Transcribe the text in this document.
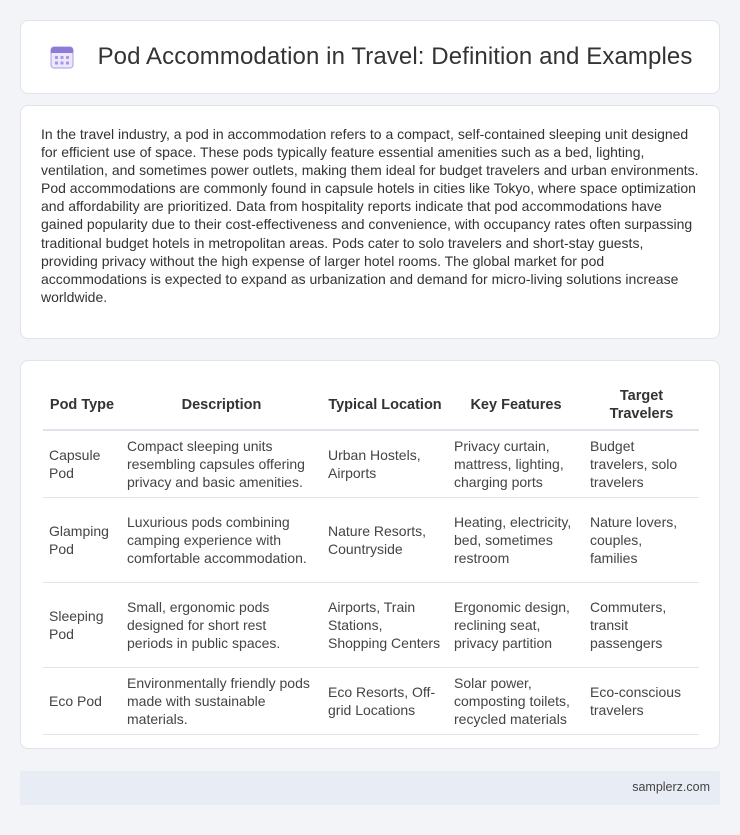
Pod Accommodation in Travel: Definition and Examples

In the travel industry, a pod in accommodation refers to a compact, self-contained sleeping unit designed for efficient use of space. These pods typically feature essential amenities such as a bed, lighting, ventilation, and sometimes power outlets, making them ideal for budget travelers and urban environments. Pod accommodations are commonly found in capsule hotels in cities like Tokyo, where space optimization and affordability are prioritized. Data from hospitality reports indicate that pod accommodations have gained popularity due to their cost-effectiveness and convenience, with occupancy rates often surpassing traditional budget hotels in metropolitan areas. Pods cater to solo travelers and short-stay guests, providing privacy without the high expense of larger hotel rooms. The global market for pod accommodations is expected to expand as urbanization and demand for micro-living solutions increase worldwide.

Pod Type	Description	Typical Location	Key Features	Target Travelers
Capsule Pod	Compact sleeping units resembling capsules offering privacy and basic amenities.	Urban Hostels, Airports	Privacy curtain, mattress, lighting, charging ports	Budget travelers, solo travelers
Glamping Pod	Luxurious pods combining camping experience with comfortable accommodation.	Nature Resorts, Countryside	Heating, electricity, bed, sometimes restroom	Nature lovers, couples, families
Sleeping Pod	Small, ergonomic pods designed for short rest periods in public spaces.	Airports, Train Stations, Shopping Centers	Ergonomic design, reclining seat, privacy partition	Commuters, transit passengers
Eco Pod	Environmentally friendly pods made with sustainable materials.	Eco Resorts, Off-grid Locations	Solar power, composting toilets, recycled materials	Eco-conscious travelers
samplerz.com
